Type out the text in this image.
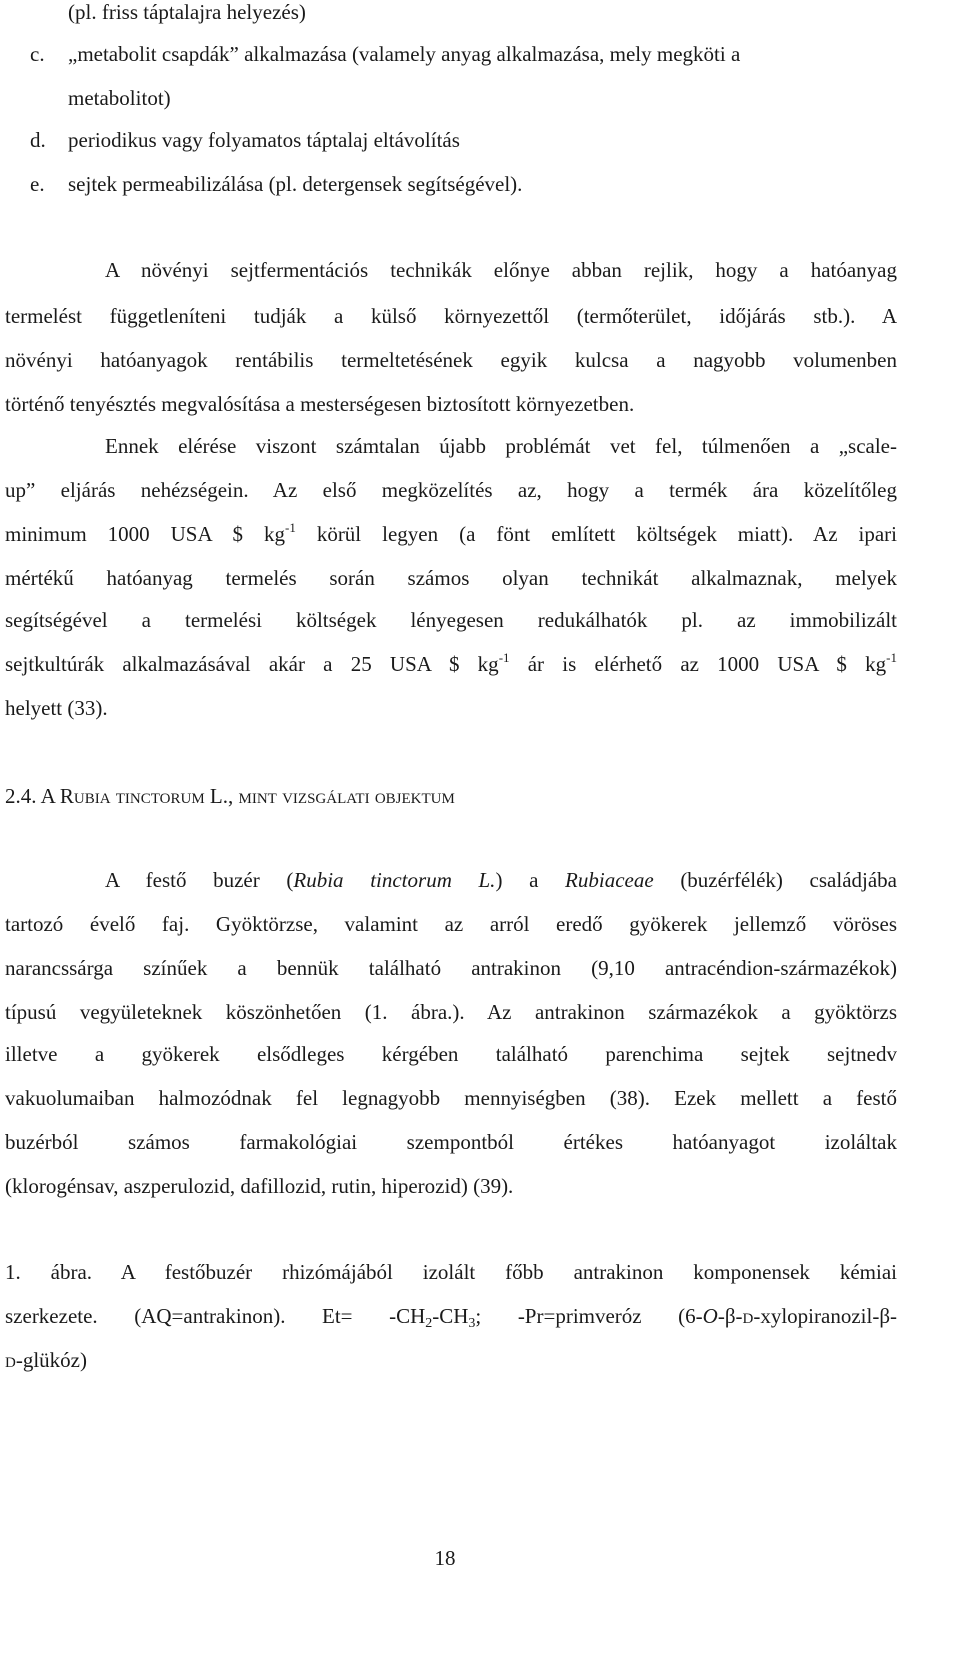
(pl. friss táptalajra helyezés)
c. „metabolit csapdák” alkalmazása (valamely anyag alkalmazása, mely megköti a
metabolitot)
d. periodikus vagy folyamatos táptalaj eltávolítás
e. sejtek permeabilizálása (pl. detergensek segítségével).
A növényi sejtfermentációs technikák előnye abban rejlik, hogy a hatóanyag
termelést függetleníteni tudják a külső környezettől (termőterület, időjárás stb.). A
növényi hatóanyagok rentábilis termeltetésének egyik kulcsa a nagyobb volumenben
történő tenyésztés megvalósítása a mesterségesen biztosított környezetben.
Ennek elérése viszont számtalan újabb problémát vet fel, túlmenően a „scale-
up” eljárás nehézségein. Az első megközelítés az, hogy a termék ára közelítőleg
minimum 1000 USA $ $kg^{-1}$ körül legyen (a fönt említett költségek miatt). Az ipari
mértékű hatóanyag termelés során számos olyan technikát alkalmaznak, melyek
segítségével a termelési költségek lényegesen redukálhatók pl. az immobilizált
sejtkultúrák alkalmazásával akár a 25 USA $ $kg^{-1}$ ár is elérhető az 1000 USA $ $kg^{-1}$
helyett (33).
2.4. A Rubia tinctorum L., mint vizsgálati objektum
A festő buzér (Rubia tinctorum L.) a Rubiaceae (buzérfélék) családjába
tartozó évelő faj. Gyöktörzse, valamint az arról eredő gyökerek jellemző vöröses
narancssárga színűek a bennük található antrakinon (9,10 antracéndion-származékok)
típusú vegyületeknek köszönhetően (1. ábra.). Az antrakinon származékok a gyöktörzs
illetve a gyökerek elsődleges kérgében található parenchima sejtek sejtnedv
vakuolumaiban halmozódnak fel legnagyobb mennyiségben (38). Ezek mellett a festő
buzérból számos farmakológiai szempontból értékes hatóanyagot izoláltak
(klorogénsav, aszperulozid, dafillozid, rutin, hiperozid) (39).
1. ábra. A festőbuzér rhizómájából izolált főbb antrakinon komponensek kémiai
szerkezete. (AQ=antrakinon). $Et= -CH_2-CH_3$; -Pr=primveróz (6-O-β-d-xylopiranozil-β-
d-glükóz)
18
